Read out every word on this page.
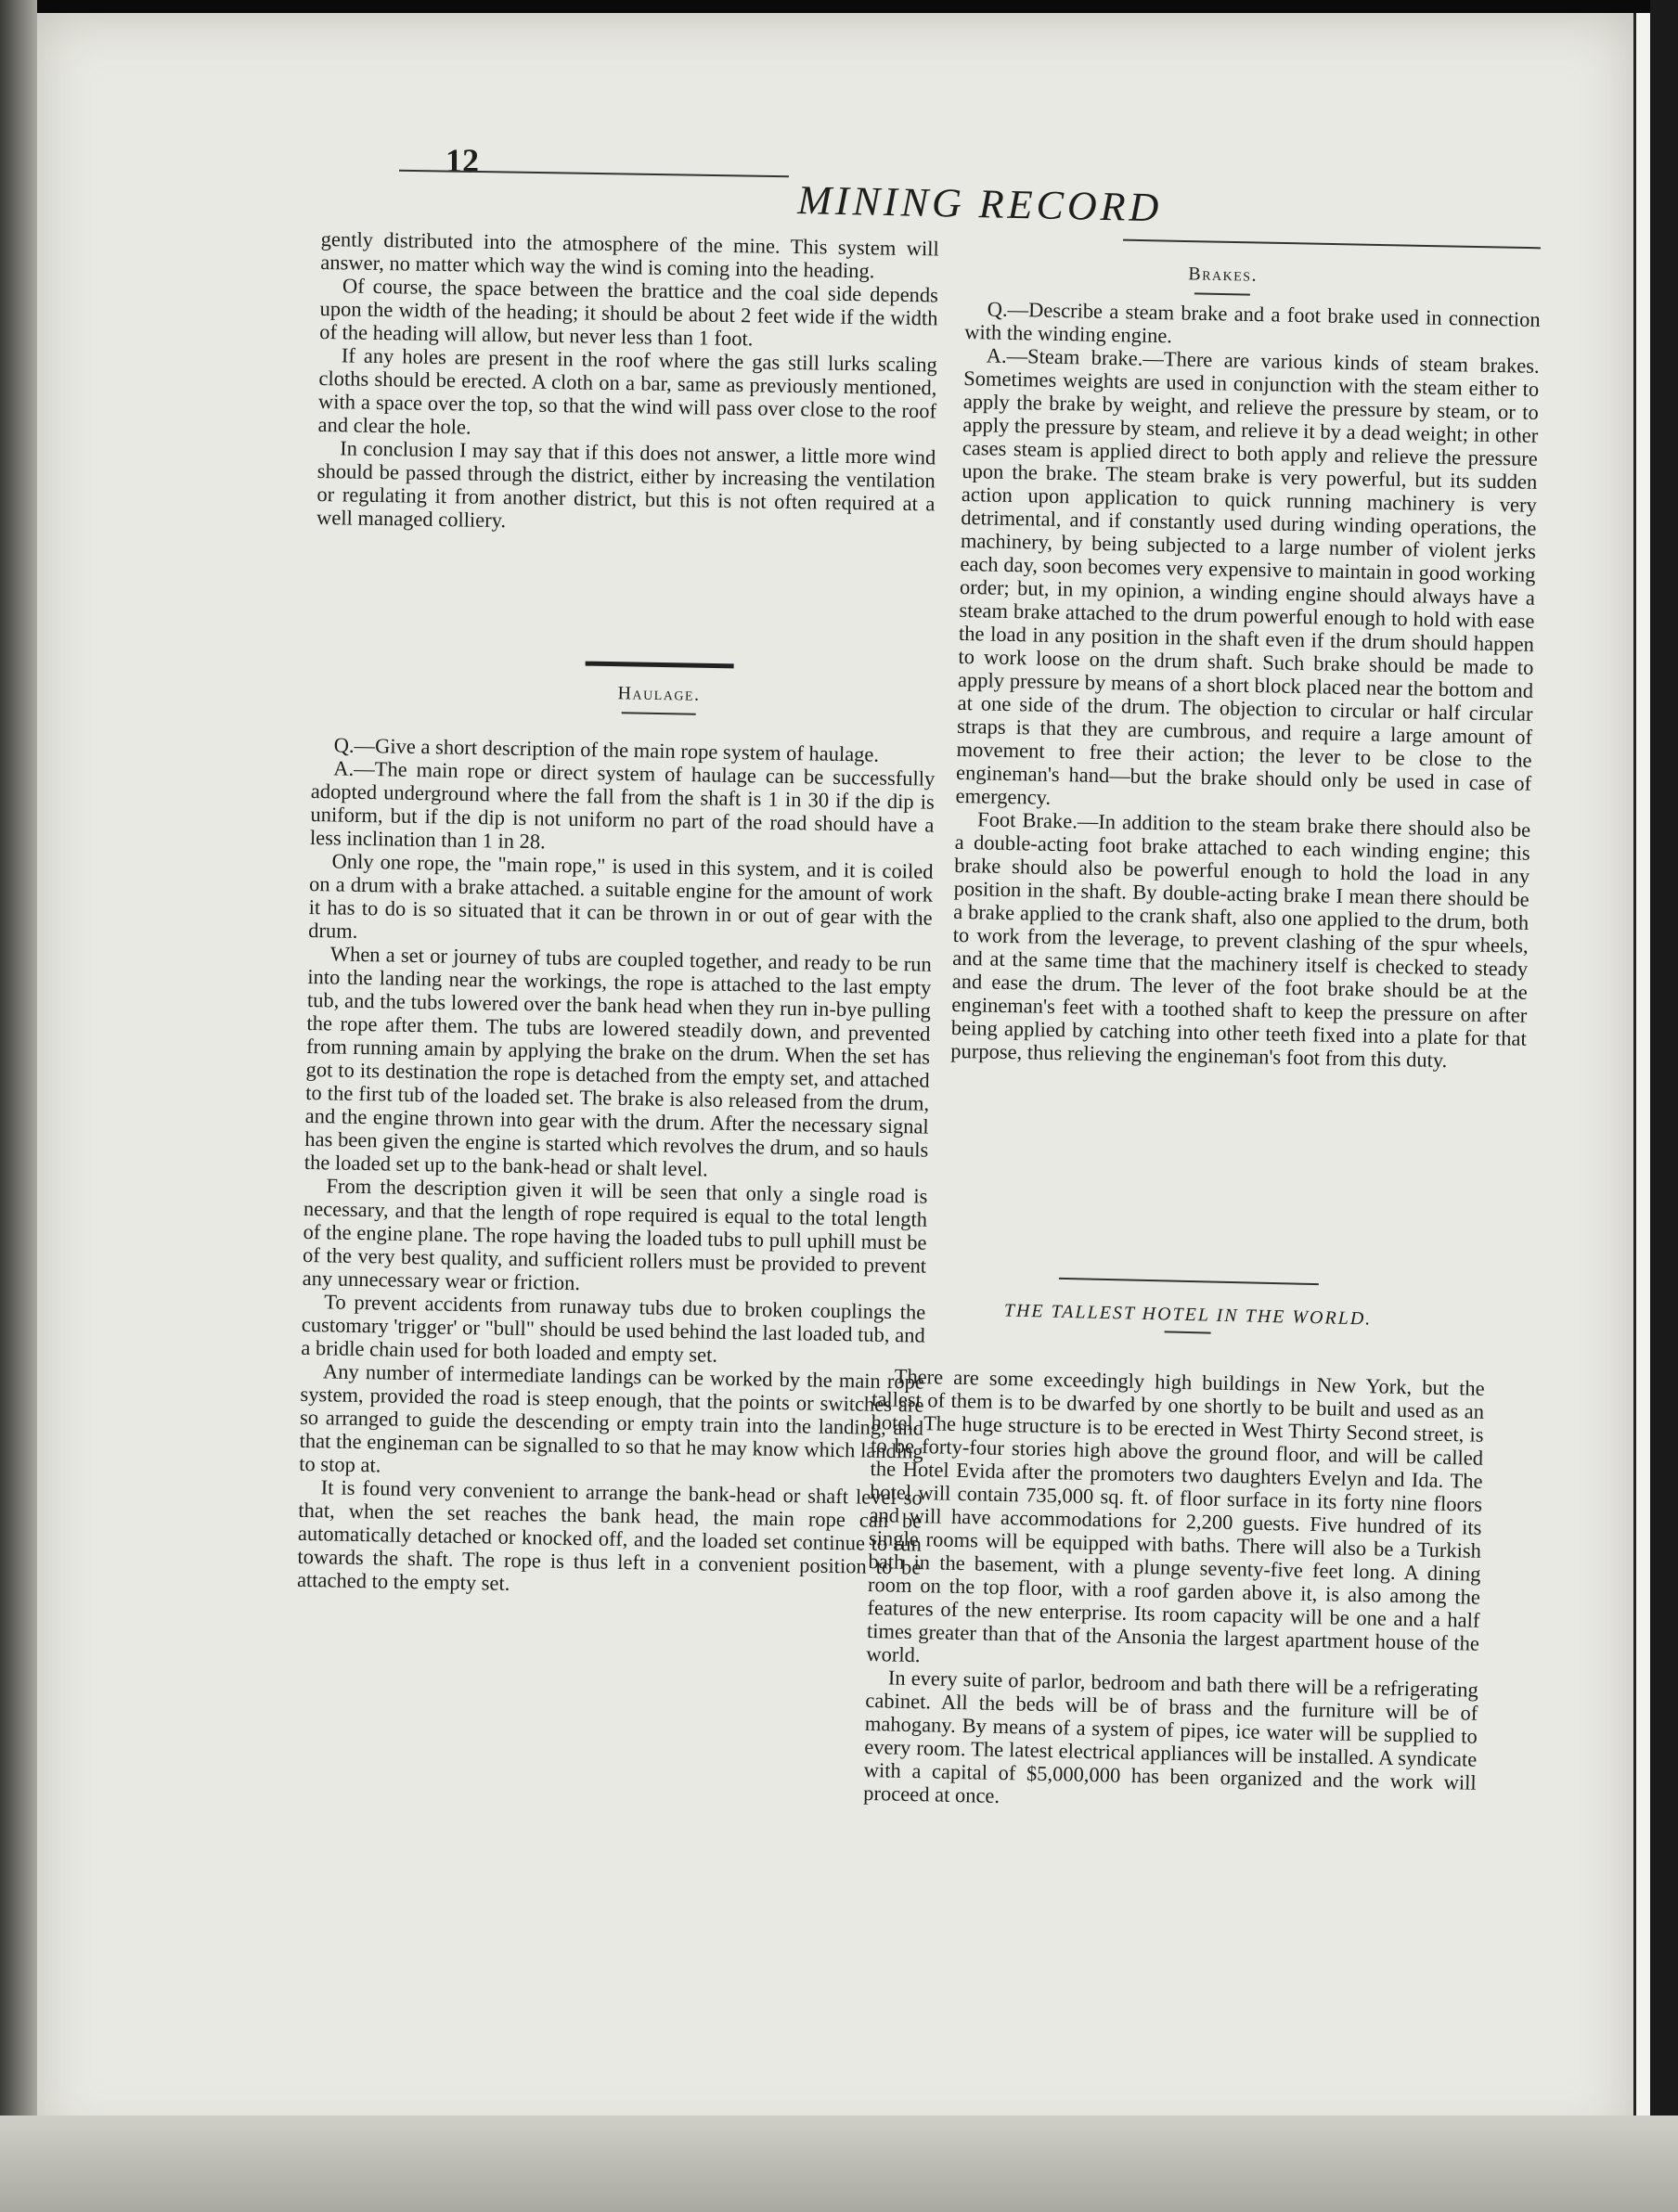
12
MINING RECORD

gently distributed into the atmosphere of the mine. This system will answer, no matter which way the wind is coming into the heading.

Of course, the space between the brattice and the coal side depends upon the width of the heading; it should be about 2 feet wide if the width of the heading will allow, but never less than 1 foot.

If any holes are present in the roof where the gas still lurks scaling cloths should be erected. A cloth on a bar, same as previously mentioned, with a space over the top, so that the wind will pass over close to the roof and clear the hole.

In conclusion I may say that if this does not answer, a little more wind should be passed through the district, either by increasing the ventilation or regulating it from another district, but this is not often required at a well managed colliery.

Haulage.

Q.—Give a short description of the main rope system of haulage.

A.—The main rope or direct system of haulage can be successfully adopted underground where the fall from the shaft is 1 in 30 if the dip is uniform, but if the dip is not uniform no part of the road should have a less inclination than 1 in 28.

Only one rope, the "main rope," is used in this system, and it is coiled on a drum with a brake attached. a suitable engine for the amount of work it has to do is so situated that it can be thrown in or out of gear with the drum.

When a set or journey of tubs are coupled together, and ready to be run into the landing near the workings, the rope is attached to the last empty tub, and the tubs lowered over the bank head when they run in-bye pulling the rope after them. The tubs are lowered steadily down, and prevented from running amain by applying the brake on the drum. When the set has got to its destination the rope is detached from the empty set, and attached to the first tub of the loaded set. The brake is also released from the drum, and the engine thrown into gear with the drum. After the necessary signal has been given the engine is started which revolves the drum, and so hauls the loaded set up to the bank-head or shalt level.

From the description given it will be seen that only a single road is necessary, and that the length of rope required is equal to the total length of the engine plane. The rope having the loaded tubs to pull uphill must be of the very best quality, and sufficient rollers must be provided to prevent any unnecessary wear or friction.

To prevent accidents from runaway tubs due to broken couplings the customary 'trigger' or "bull" should be used behind the last loaded tub, and a bridle chain used for both loaded and empty set.

Any number of intermediate landings can be worked by the main rope system, provided the road is steep enough, that the points or switches are so arranged to guide the descending or empty train into the landing, and that the engineman can be signalled to so that he may know which landing to stop at.

It is found very convenient to arrange the bank-head or shaft level so that, when the set reaches the bank head, the main rope can be automatically detached or knocked off, and the loaded set continue to run towards the shaft. The rope is thus left in a convenient position to be attached to the empty set.

Brakes.

Q.—Describe a steam brake and a foot brake used in connection with the winding engine.

A.—Steam brake.—There are various kinds of steam brakes. Sometimes weights are used in conjunction with the steam either to apply the brake by weight, and relieve the pressure by steam, or to apply the pressure by steam, and relieve it by a dead weight; in other cases steam is applied direct to both apply and relieve the pressure upon the brake. The steam brake is very powerful, but its sudden action upon application to quick running machinery is very detrimental, and if constantly used during winding operations, the machinery, by being subjected to a large number of violent jerks each day, soon becomes very expensive to maintain in good working order; but, in my opinion, a winding engine should always have a steam brake attached to the drum powerful enough to hold with ease the load in any position in the shaft even if the drum should happen to work loose on the drum shaft. Such brake should be made to apply pressure by means of a short block placed near the bottom and at one side of the drum. The objection to circular or half circular straps is that they are cumbrous, and require a large amount of movement to free their action; the lever to be close to the engineman's hand—but the brake should only be used in case of emergency.

Foot Brake.—In addition to the steam brake there should also be a double-acting foot brake attached to each winding engine; this brake should also be powerful enough to hold the load in any position in the shaft. By double-acting brake I mean there should be a brake applied to the crank shaft, also one applied to the drum, both to work from the leverage, to prevent clashing of the spur wheels, and at the same time that the machinery itself is checked to steady and ease the drum. The lever of the foot brake should be at the engineman's feet with a toothed shaft to keep the pressure on after being applied by catching into other teeth fixed into a plate for that purpose, thus relieving the engineman's foot from this duty.

THE TALLEST HOTEL IN THE WORLD.

There are some exceedingly high buildings in New York, but the tallest of them is to be dwarfed by one shortly to be built and used as an hotel. The huge structure is to be erected in West Thirty Second street, is to be forty-four stories high above the ground floor, and will be called the Hotel Evida after the promoters two daughters Evelyn and Ida. The hotel will contain 735,000 sq. ft. of floor surface in its forty nine floors and will have accommodations for 2,200 guests. Five hundred of its single rooms will be equipped with baths. There will also be a Turkish bath in the basement, with a plunge seventy-five feet long. A dining room on the top floor, with a roof garden above it, is also among the features of the new enterprise. Its room capacity will be one and a half times greater than that of the Ansonia the largest apartment house of the world.

In every suite of parlor, bedroom and bath there will be a refrigerating cabinet. All the beds will be of brass and the furniture will be of mahogany. By means of a system of pipes, ice water will be supplied to every room. The latest electrical appliances will be installed. A syndicate with a capital of $5,000,000 has been organized and the work will proceed at once.
